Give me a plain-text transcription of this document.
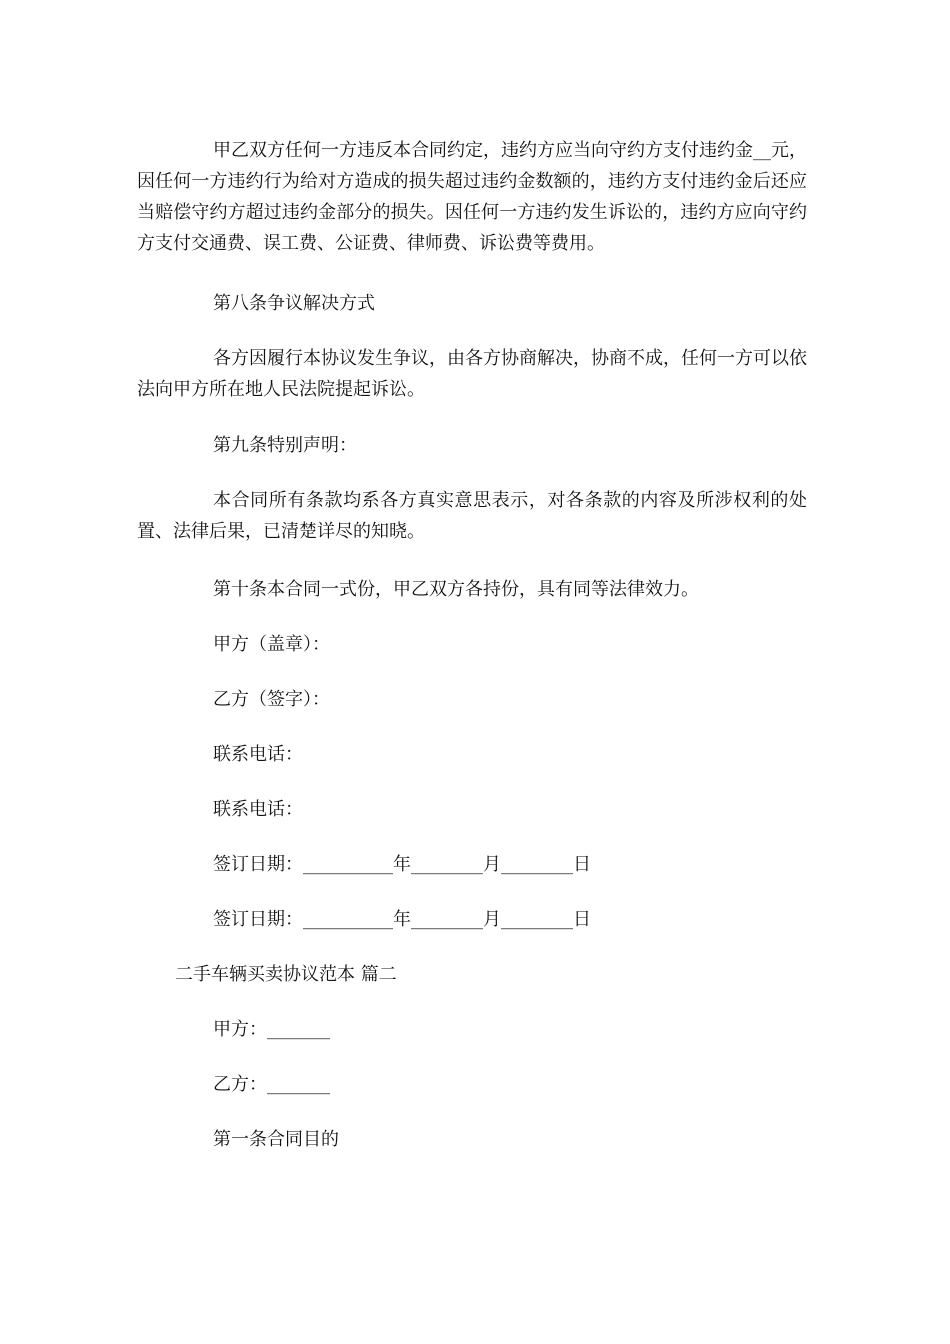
甲乙双方任何一方违反本合同约定，违约方应当向守约方支付违约金__元，因任何一方违约行为给对方造成的损失超过违约金数额的，违约方支付违约金后还应当赔偿守约方超过违约金部分的损失。因任何一方违约发生诉讼的，违约方应向守约方支付交通费、误工费、公证费、律师费、诉讼费等费用。

第八条争议解决方式

各方因履行本协议发生争议，由各方协商解决，协商不成，任何一方可以依法向甲方所在地人民法院提起诉讼。

第九条特别声明：

本合同所有条款均系各方真实意思表示，对各条款的内容及所涉权利的处置、法律后果，已清楚详尽的知晓。

第十条本合同一式份，甲乙双方各持份，具有同等法律效力。

甲方（盖章）：

乙方（签字）：

联系电话：

联系电话：

签订日期：__________年________月________日

签订日期：__________年________月________日

二手车辆买卖协议范本 篇二

甲方：_______

乙方：_______

第一条合同目的
